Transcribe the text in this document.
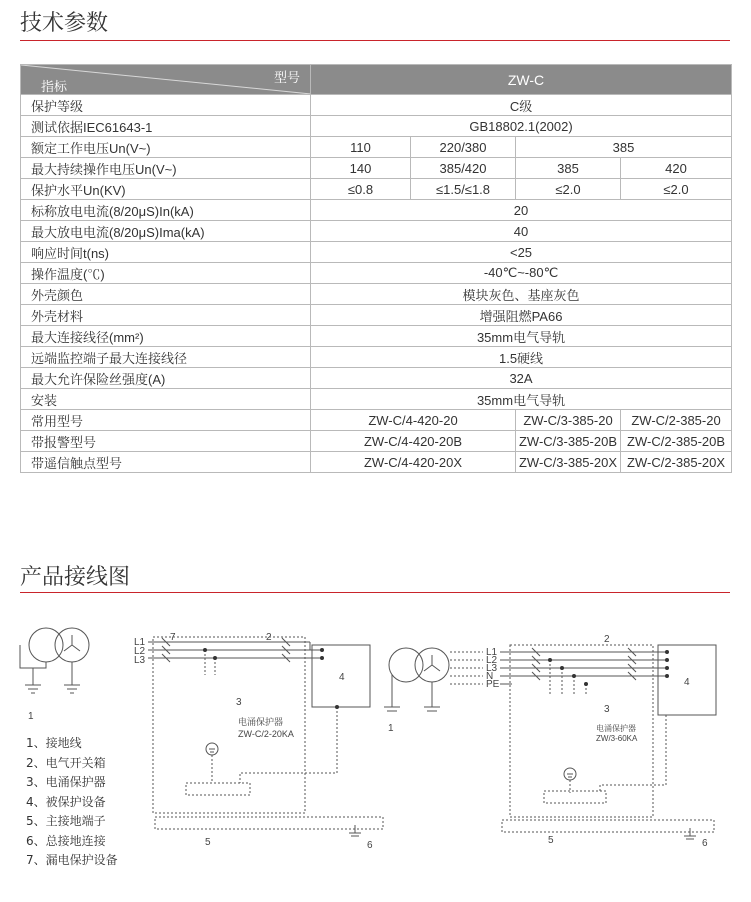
技术参数
指标
型号	ZW-C			
保护等级	C级			
测试依据IEC61643-1	GB18802.1(2002)			
额定工作电压Un(V~)	110	220/380	385	
最大持续操作电压Un(V~)	140	385/420	385	420
保护水平Un(KV)	≤0.8	≤1.5/≤1.8	≤2.0	≤2.0
标称放电电流(8/20μS)In(kA)	20			
最大放电电流(8/20μS)Ima(kA)	40			
响应时间t(ns)	<25			
操作温度(℃)	-40℃~-80℃			
外壳颜色	模块灰色、基座灰色			
外壳材料	增强阻燃PA66			
最大连接线径(mm²)	35mm电气导轨			
远端监控端子最大连接线径	1.5硬线			
最大允许保险丝强度(A)	32A			
安装	35mm电气导轨			
常用型号	ZW-C/4-420-20		ZW-C/3-385-20	ZW-C/2-385-20
带报警型号	ZW-C/4-420-20B		ZW-C/3-385-20B	ZW-C/2-385-20B
带遥信触点型号	ZW-C/4-420-20X		ZW-C/3-385-20X	ZW-C/2-385-20X
产品接线图
L1
L2
L3
7	2
3
4
1
5	6
电涌保护器
ZW-C/2-20KA
L1
L2
L3
N
PE
2
3
4
1
5	6
电涌保护器
ZW/3-60KA
1、接地线
2、电气开关箱
3、电涌保护器
4、被保护设备
5、主接地端子
6、总接地连接
7、漏电保护设备
